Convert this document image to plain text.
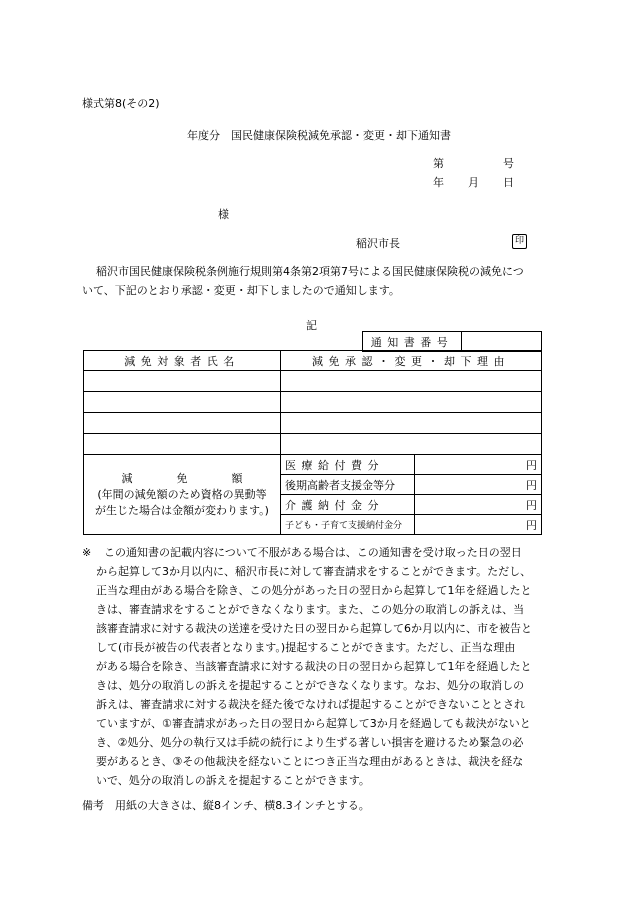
様式第8(その2)
年度分　国民健康保険税減免承認・変更・却下通知書
第	号
年 月 日
様
稲沢市長	印
稲沢市国民健康保険税条例施行規則第4条第2項第7号による国民健康保険税の減免につ
いて、下記のとおり承認・変更・却下しましたので通知します。
記
通知書番号	
減免対象者氏名	減免承認・変更・却下理由	

減　　　　免　　　　額
(年間の減免額のため資格の異動等
が生じた場合は金額が変わります。)	医療給付費分	円
	後期高齢者支援金等分	円
	介護納付金分	円
	子ども・子育て支援納付金分	円
※	この通知書の記載内容について不服がある場合は、この通知書を受け取った日の翌日
から起算して3か月以内に、稲沢市長に対して審査請求をすることができます。ただし、
正当な理由がある場合を除き、この処分があった日の翌日から起算して1年を経過したと
きは、審査請求をすることができなくなります。また、この処分の取消しの訴えは、当
該審査請求に対する裁決の送達を受けた日の翌日から起算して6か月以内に、市を被告と
して(市長が被告の代表者となります。)提起することができます。ただし、正当な理由
がある場合を除き、当該審査請求に対する裁決の日の翌日から起算して1年を経過したと
きは、処分の取消しの訴えを提起することができなくなります。なお、処分の取消しの
訴えは、審査請求に対する裁決を経た後でなければ提起することができないこととされ
ていますが、①審査請求があった日の翌日から起算して3か月を経過しても裁決がないと
き、②処分、処分の執行又は手続の続行により生ずる著しい損害を避けるため緊急の必
要があるとき、③その他裁決を経ないことにつき正当な理由があるときは、裁決を経な
いで、処分の取消しの訴えを提起することができます。
備考　用紙の大きさは、縦8インチ、横8.3インチとする。
